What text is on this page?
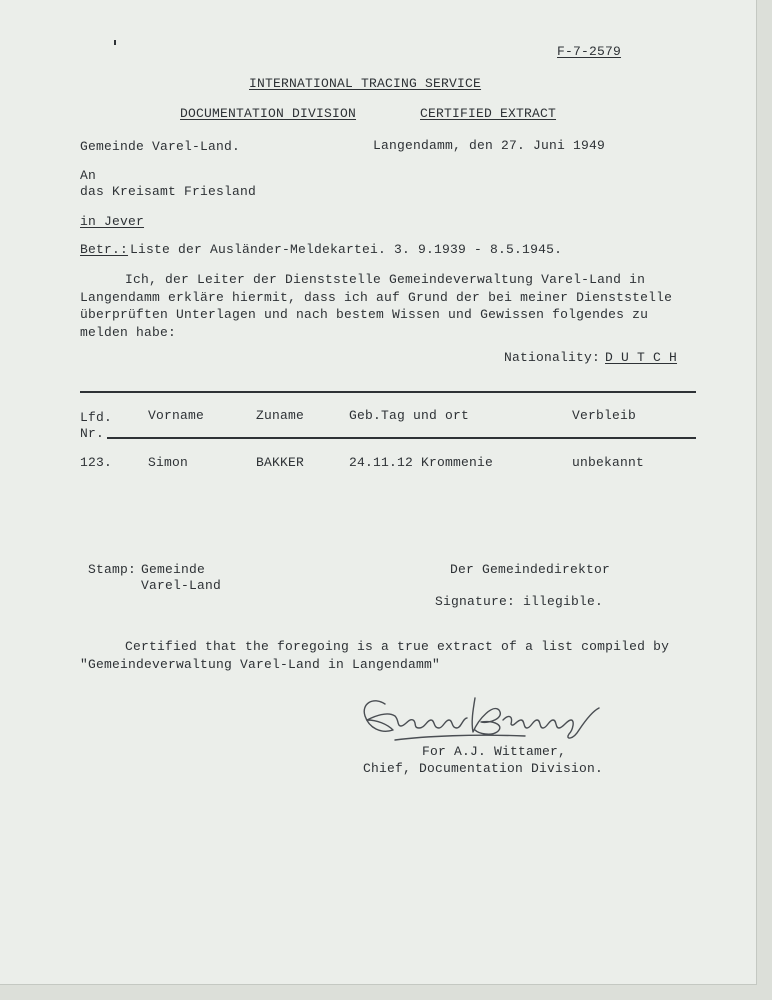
F-7-2579
INTERNATIONAL TRACING SERVICE
DOCUMENTATION DIVISION	CERTIFIED EXTRACT
Gemeinde Varel-Land.	Langendamm, den 27. Juni 1949
An
das Kreisamt Friesland
in Jever
Betr.: Liste der Ausländer-Meldekartei. 3. 9.1939 - 8.5.1945.
Ich, der Leiter der Dienststelle Gemeindeverwaltung Varel-Land in Langendamm erkläre hiermit, dass ich auf Grund der bei meiner Dienststelle überprüften Unterlagen und nach bestem Wissen und Gewissen folgendes zu melden habe:
Nationality: D U T C H
Lfd.
Nr.
Vorname	Zuname	Geb.Tag und ort	Verbleib
123.	Simon	BAKKER	24.11.12 Krommenie	unbekannt
Stamp: Gemeinde
Varel-Land
Der Gemeindedirektor
Signature: illegible.
Certified that the foregoing is a true extract of a list compiled by "Gemeindeverwaltung Varel-Land in Langendamm"
For A.J. Wittamer,
Chief, Documentation Division.
